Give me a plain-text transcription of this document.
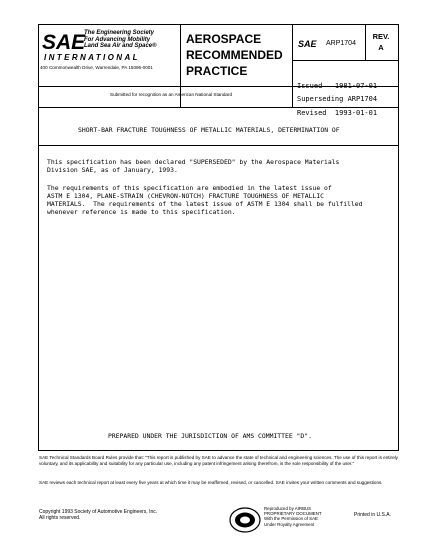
SAE
The Engineering Society
For Advancing Mobility
Land Sea Air and Space®
INTERNATIONAL
400 Commonwealth Drive, Warrendale, PA 15096-0001
Submitted for recognition as an American National Standard
AEROSPACE
RECOMMENDED
PRACTICE
SAE ARP1704
REV.
A

Issued   1981-07-01

Revised  1993-01-01

Superseding ARP1704
SHORT-BAR FRACTURE TOUGHNESS OF METALLIC MATERIALS, DETERMINATION OF
This specification has been declared "SUPERSEDED" by the Aerospace Materials
Division SAE, as of January, 1993.
The requirements of this specification are embodied in the latest issue of
ASTM E 1304, PLANE-STRAIN (CHEVRON-NOTCH) FRACTURE TOUGHNESS OF METALLIC
MATERIALS.  The requirements of the latest issue of ASTM E 1304 shall be fulfilled
whenever reference is made to this specification.
PREPARED UNDER THE JURISDICTION OF AMS COMMITTEE "D".
SAE Technical Standards Board Rules provide that: "This report is published by SAE to advance the state of technical and engineering sciences. The use of this report is entirely voluntary, and its applicability and suitability for any particular use, including any patent infringement arising therefrom, is the sole responsibility of the user."
SAE reviews each technical report at least every five years at which time it may be reaffirmed, revised, or cancelled. SAE invites your written comments and suggestions.
Copyright 1993 Society of Automotive Engineers, Inc.
All rights reserved.
Reproduced by AIRBUS
PROPRIETARY DOCUMENT
With the Permission of SAE
Under Royalty Agreement
Printed in U.S.A.
